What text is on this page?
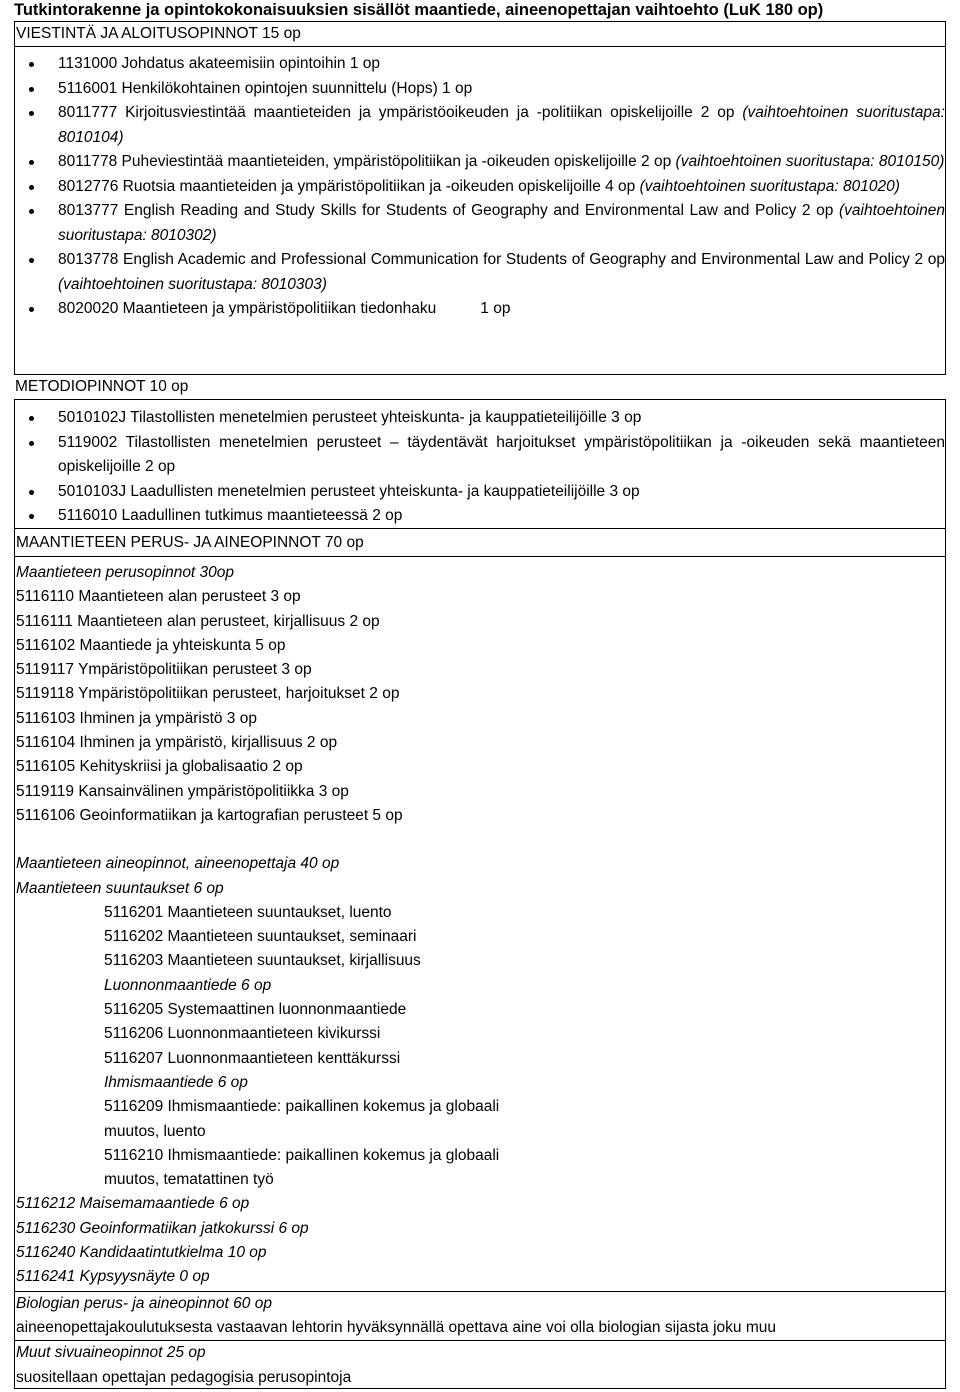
Tutkintorakenne ja opintokokonaisuuksien sisällöt maantiede, aineenopettajan vaihtoehto (LuK 180 op)
VIESTINTÄ JA ALOITUSOPINNOT 15 op
1131000 Johdatus akateemisiin opintoihin 1 op
5116001 Henkilökohtainen opintojen suunnittelu (Hops) 1 op
8011777 Kirjoitusviestintää maantieteiden ja ympäristöoikeuden ja -politiikan opiskelijoille 2 op (vaihtoehtoinen suoritustapa: 8010104)
8011778 Puheviestintää maantieteiden, ympäristöpolitiikan ja -oikeuden opiskelijoille 2 op (vaihtoehtoinen suoritustapa: 8010150)
8012776 Ruotsia maantieteiden ja ympäristöpolitiikan ja -oikeuden opiskelijoille 4 op (vaihtoehtoinen suoritustapa: 801020)
8013777 English Reading and Study Skills for Students of Geography and Environmental Law and Policy 2 op (vaihtoehtoinen suoritustapa: 8010302)
8013778 English Academic and Professional Communication for Students of Geography and Environmental Law and Policy 2 op (vaihtoehtoinen suoritustapa: 8010303)
8020020 Maantieteen ja ympäristöpolitiikan tiedonhaku	1 op
METODIOPINNOT 10 op
5010102J Tilastollisten menetelmien perusteet yhteiskunta- ja kauppatieteilijöille 3 op
5119002 Tilastollisten menetelmien perusteet – täydentävät harjoitukset ympäristöpolitiikan ja -oikeuden sekä maantieteen opiskelijoille 2 op
5010103J Laadullisten menetelmien perusteet yhteiskunta- ja kauppatieteilijöille 3 op
5116010 Laadullinen tutkimus maantieteessä 2 op
MAANTIETEEN PERUS- JA AINEOPINNOT 70 op
Maantieteen perusopinnot 30op
5116110 Maantieteen alan perusteet 3 op
5116111 Maantieteen alan perusteet, kirjallisuus 2 op
5116102 Maantiede ja yhteiskunta 5 op
5119117 Ympäristöpolitiikan perusteet 3 op
5119118 Ympäristöpolitiikan perusteet, harjoitukset 2 op
5116103 Ihminen ja ympäristö 3 op
5116104 Ihminen ja ympäristö, kirjallisuus 2 op
5116105 Kehityskriisi ja globalisaatio 2 op
5119119 Kansainvälinen ympäristöpolitiikka 3 op
5116106 Geoinformatiikan ja kartografian perusteet 5 op
Maantieteen aineopinnot, aineenopettaja 40 op
Maantieteen suuntaukset 6 op
5116201 Maantieteen suuntaukset, luento
5116202 Maantieteen suuntaukset, seminaari
5116203 Maantieteen suuntaukset, kirjallisuus
Luonnonmaantiede 6 op
5116205 Systemaattinen luonnonmaantiede
5116206 Luonnonmaantieteen kivikurssi
5116207 Luonnonmaantieteen kenttäkurssi
Ihmismaantiede 6 op
5116209 Ihmismaantiede: paikallinen kokemus ja globaali
muutos, luento
5116210 Ihmismaantiede: paikallinen kokemus ja globaali
muutos, tematattinen työ
5116212 Maisemamaantiede 6 op
5116230 Geoinformatiikan jatkokurssi 6 op
5116240 Kandidaatintutkielma 10 op
5116241 Kypsyysnäyte 0 op
Biologian perus- ja aineopinnot 60 op
aineenopettajakoulutuksesta vastaavan lehtorin hyväksynnällä opettava aine voi olla biologian sijasta joku muu
Muut sivuaineopinnot 25 op
suositellaan opettajan pedagogisia perusopintoja
